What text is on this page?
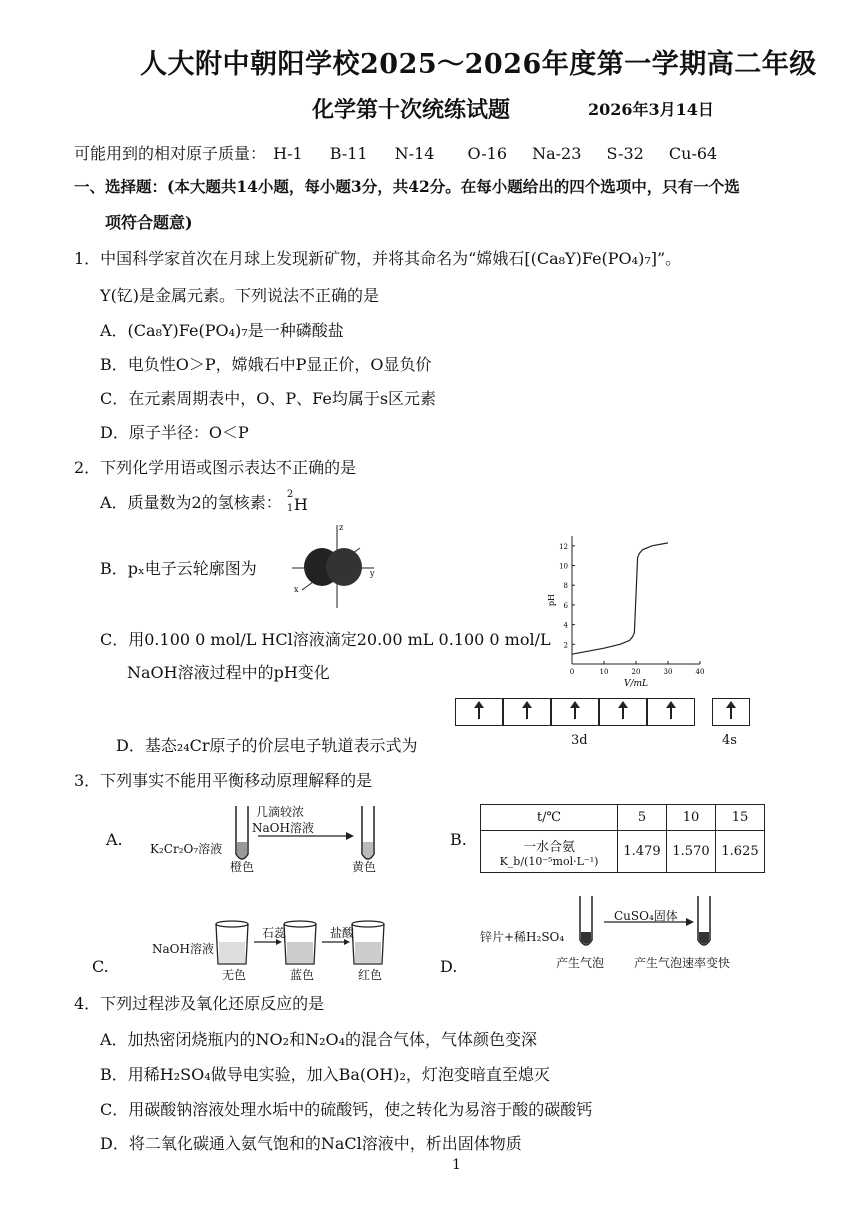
人大附中朝阳学校2025～2026年度第一学期高二年级
化学第十次统练试题	2026年3月14日
可能用到的相对原子质量： H-1 B-11 N-14 O-16 Na-23 S-32 Cu-64
一、选择题：(本大题共14小题，每小题3分，共42分。在每小题给出的四个选项中，只有一个选
项符合题意)
1．中国科学家首次在月球上发现新矿物，并将其命名为“嫦娥石[(Ca₈Y)Fe(PO₄)₇]”。
Y(钇)是金属元素。下列说法不正确的是
A．(Ca₈Y)Fe(PO₄)₇是一种磷酸盐
B．电负性O＞P，嫦娥石中P显正价，O显负价
C．在元素周期表中，O、P、Fe均属于s区元素
D．原子半径：O＜P
2．下列化学用语或图示表达不正确的是
A．质量数为2的氢核素： 2
1 H
B．pₓ电子云轮廓图为
z
x
y
C．用0.100 0 mol/L HCl溶液滴定20.00 mL 0.100 0 mol/L
NaOH溶液过程中的pH变化
2
4
6
8
10
12
0	10	20	30	40
V/mL
pH
3d	4s
D．基态₂₄Cr原子的价层电子轨道表示式为
3．下列事实不能用平衡移动原理解释的是
A. K₂Cr₂O₇溶液
几滴较浓
NaOH溶液
橙色	黄色
B.
t/℃	5	10	15

一水合氨
K_b/(10⁻⁵mol·L⁻¹)	1.479	1.570	1.625
C.
NaOH溶液
石蕊	盐酸
无色	蓝色	红色	D.
锌片+稀H₂SO₄
CuSO₄固体
产生气泡 产生气泡速率变快
4．下列过程涉及氧化还原反应的是
A．加热密闭烧瓶内的NO₂和N₂O₄的混合气体，气体颜色变深
B．用稀H₂SO₄做导电实验，加入Ba(OH)₂，灯泡变暗直至熄灭
C．用碳酸钠溶液处理水垢中的硫酸钙，使之转化为易溶于酸的碳酸钙
D．将二氧化碳通入氨气饱和的NaCl溶液中，析出固体物质
1
